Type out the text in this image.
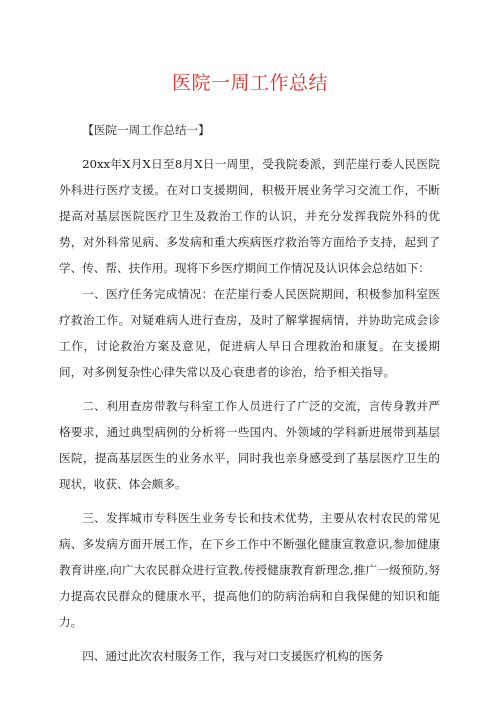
医院一周工作总结

【医院一周工作总结一】

20xx年X月X日至8月X日一周里，受我院委派，到茫崖行委人民医院外科进行医疗支援。在对口支援期间，积极开展业务学习交流工作，不断提高对基层医院医疗卫生及救治工作的认识，并充分发挥我院外科的优势，对外科常见病、多发病和重大疾病医疗救治等方面给予支持，起到了学、传、帮、扶作用。现将下乡医疗期间工作情况及认识体会总结如下：

一、医疗任务完成情况：在茫崖行委人民医院期间，积极参加科室医疗救治工作。对疑难病人进行查房，及时了解掌握病情，并协助完成会诊工作，讨论救治方案及意见，促进病人早日合理救治和康复。在支援期间，对多例复杂性心律失常以及心衰患者的诊治，给予相关指导。

二、利用查房带教与科室工作人员进行了广泛的交流，言传身教并严格要求，通过典型病例的分析将一些国内、外领域的学科新进展带到基层医院，提高基层医生的业务水平，同时我也亲身感受到了基层医疗卫生的现状，收获、体会颇多。

三、发挥城市专科医生业务专长和技术优势，主要从农村农民的常见病、多发病方面开展工作，在下乡工作中不断强化健康宣教意识,参加健康教育讲座,向广大农民群众进行宣教,传授健康教育新理念,推广一级预防,努力提高农民群众的健康水平，提高他们的防病治病和自我保健的知识和能力。

四、通过此次农村服务工作，我与对口支援医疗机构的医务
